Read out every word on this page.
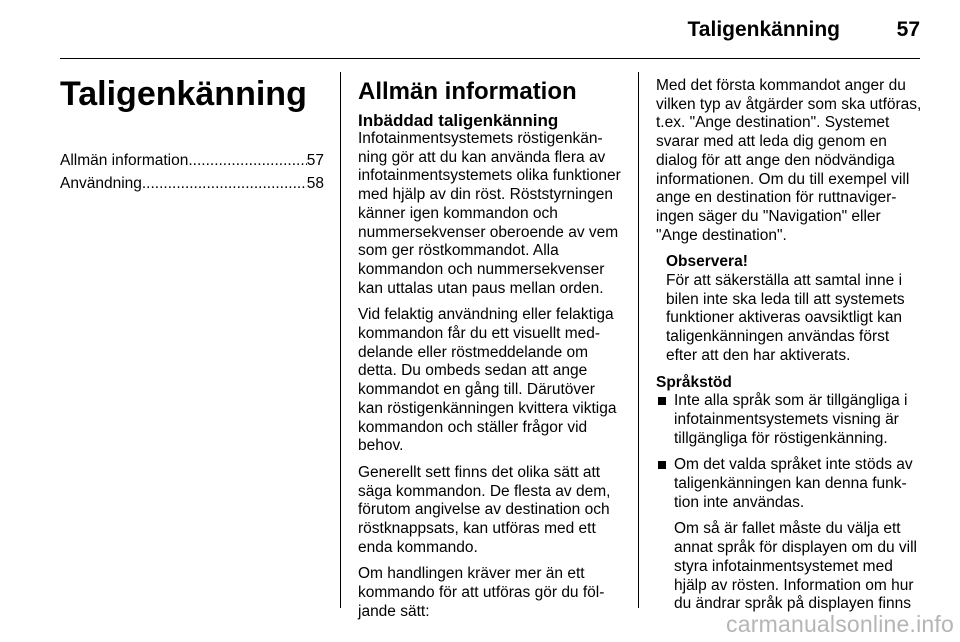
Taligenkänning	57
Taligenkänning
Allmän information .....	57
Användning .....	58
Allmän information
Inbäddad taligenkänning

Infotainmentsystemets röstigenkänning gör att du kan använda flera av infotainmentsystemets olika funktioner med hjälp av din röst. Röststyrningen känner igen kommandon och nummersekvenser oberoende av vem som ger röstkommandot. Alla kommandon och nummersekvenser kan uttalas utan paus mellan orden.

Vid felaktig användning eller felaktiga kommandon får du ett visuellt meddelande eller röstmeddelande om detta. Du ombeds sedan att ange kommandot en gång till. Därutöver kan röstigenkänningen kvittera viktiga kommandon och ställer frågor vid behov.

Generellt sett finns det olika sätt att säga kommandon. De flesta av dem, förutom angivelse av destination och röstknappsats, kan utföras med ett enda kommando.

Om handlingen kräver mer än ett kommando för att utföras gör du följande sätt:

Med det första kommandot anger du vilken typ av åtgärder som ska utföras, t.ex. "Ange destination". Systemet svarar med att leda dig genom en dialog för att ange den nödvändiga informationen. Om du till exempel vill ange en destination för ruttnavigeringen säger du "Navigation" eller "Ange destination".

Observera!
För att säkerställa att samtal inne i bilen inte ska leda till att systemets funktioner aktiveras oavsiktligt kan taligenkänningen användas först efter att den har aktiverats.
Språkstöd
Inte alla språk som är tillgängliga i infotainmentsystemets visning är tillgängliga för röstigenkänning.

Om det valda språket inte stöds av taligenkänningen kan denna funktion inte användas.

Om så är fallet måste du välja ett annat språk för displayen om du vill styra infotainmentsystemet med hjälp av rösten. Information om hur du ändrar språk på displayen finns

carmanualsonline.info
